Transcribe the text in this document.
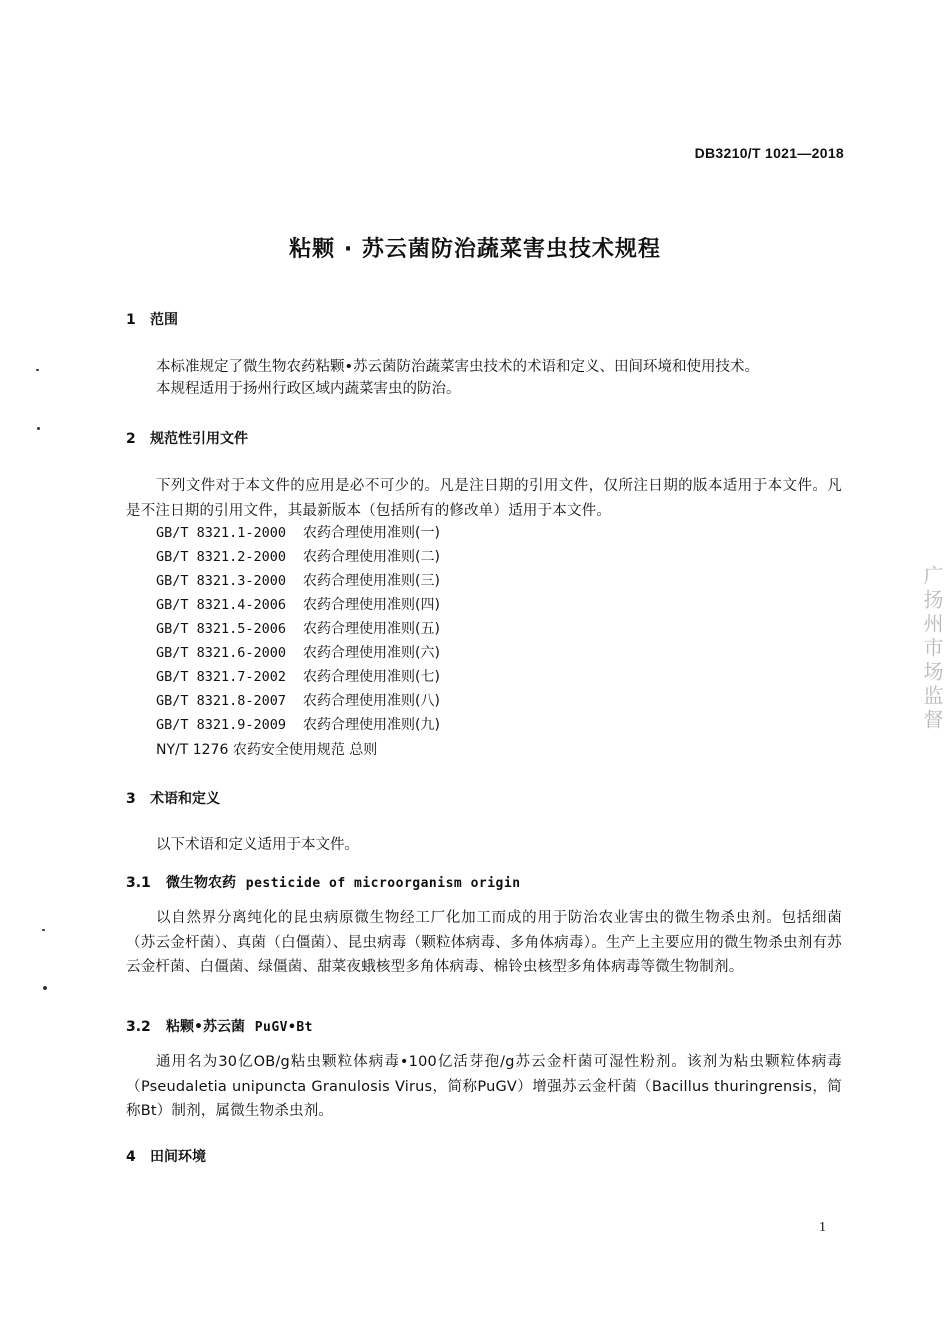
DB3210/T 1021—2018
粘颗 · 苏云菌防治蔬菜害虫技术规程
1 范围
本标准规定了微生物农药粘颗•苏云菌防治蔬菜害虫技术的术语和定义、田间环境和使用技术。
本规程适用于扬州行政区域内蔬菜害虫的防治。
2 规范性引用文件
下列文件对于本文件的应用是必不可少的。凡是注日期的引用文件，仅所注日期的版本适用于本文件。凡是不注日期的引用文件，其最新版本（包括所有的修改单）适用于本文件。
GB/T 8321.1-2000 农药合理使用准则(一)
GB/T 8321.2-2000 农药合理使用准则(二)
GB/T 8321.3-2000 农药合理使用准则(三)
GB/T 8321.4-2006 农药合理使用准则(四)
GB/T 8321.5-2006 农药合理使用准则(五)
GB/T 8321.6-2000 农药合理使用准则(六)
GB/T 8321.7-2002 农药合理使用准则(七)
GB/T 8321.8-2007 农药合理使用准则(八)
GB/T 8321.9-2009 农药合理使用准则(九)
NY/T 1276 农药安全使用规范 总则
3 术语和定义
以下术语和定义适用于本文件。
3.1 微生物农药 pesticide of microorganism origin
以自然界分离纯化的昆虫病原微生物经工厂化加工而成的用于防治农业害虫的微生物杀虫剂。包括细菌（苏云金杆菌）、真菌（白僵菌）、昆虫病毒（颗粒体病毒、多角体病毒）。生产上主要应用的微生物杀虫剂有苏云金杆菌、白僵菌、绿僵菌、甜菜夜蛾核型多角体病毒、棉铃虫核型多角体病毒等微生物制剂。
3.2 粘颗•苏云菌 PuGV•Bt
通用名为30亿OB/g粘虫颗粒体病毒•100亿活芽孢/g苏云金杆菌可湿性粉剂。该剂为粘虫颗粒体病毒（Pseudaletia unipuncta Granulosis Virus，简称PuGV）增强苏云金杆菌（Bacillus thuringrensis，简称Bt）制剂，属微生物杀虫剂。
4 田间环境
1
广扬州市场监督
